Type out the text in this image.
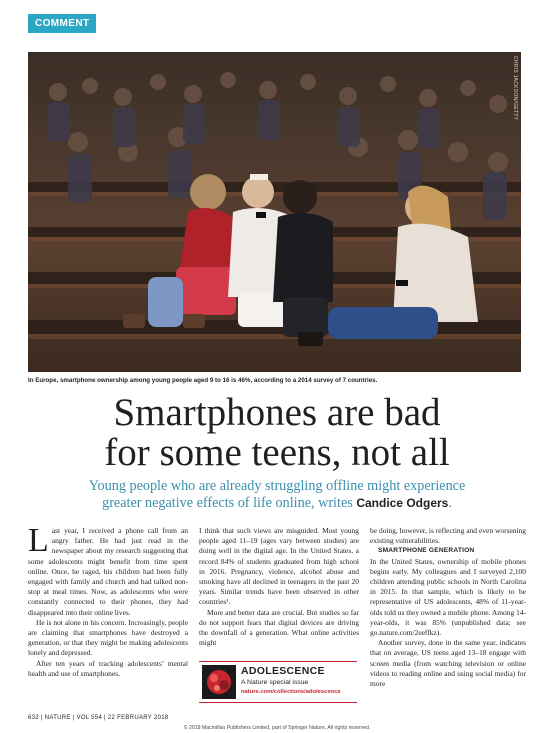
COMMENT
CHRIS JACKSON/GETTY
In Europe, smartphone ownership among young people aged 9 to 16 is 46%, according to a 2014 survey of 7 countries.
Smartphones are bad
for some teens, not all
Young people who are already struggling offline might experience
greater negative effects of life online, writes Candice Odgers.

Last year, I received a phone call from an angry father. He had just read in the newspaper about my research suggesting that some adolescents might benefit from time spent online. Once, he raged, his children had been fully engaged with family and church and had talked non-stop at meal times. Now, as adolescents who were constantly connected to their phones, they had disappeared into their online lives.

He is not alone in his concern. Increasingly, people are claiming that smartphones have destroyed a generation, or that they might be making adolescents lonely and depressed.

After ten years of tracking adolescents’ mental health and use of smartphones,

I think that such views are misguided. Most young people aged 11–19 (ages vary between studies) are doing well in the digital age. In the United States, a record 84% of students graduated from high school in 2016. Pregnancy, violence, alcohol abuse and smoking have all declined in teenagers in the past 20 years. Similar trends have been observed in other countries¹.

More and better data are crucial. But studies so far do not support fears that digital devices are driving the downfall of a generation. What online activities might

ADOLESCENCE
A Nature special issue
nature.com/collections/adolescence

be doing, however, is reflecting and even worsening existing vulnerabilities.

SMARTPHONE GENERATION

In the United States, ownership of mobile phones begins early. My colleagues and I surveyed 2,100 children attending public schools in North Carolina in 2015. In that sample, which is likely to be representative of US adolescents, 48% of 11-year-olds told us they owned a mobile phone. Among 14-year-olds, it was 85% (unpublished data; see go.nature.com/2eeffkz).

Another survey, done in the same year, indicates that on average, US teens aged 13–18 engage with screen media (from watching television or online videos to reading online and using social media) for more

632 | NATURE | VOL 554 | 22 FEBRUARY 2018
© 2018 Macmillan Publishers Limited, part of Springer Nature. All rights reserved.
